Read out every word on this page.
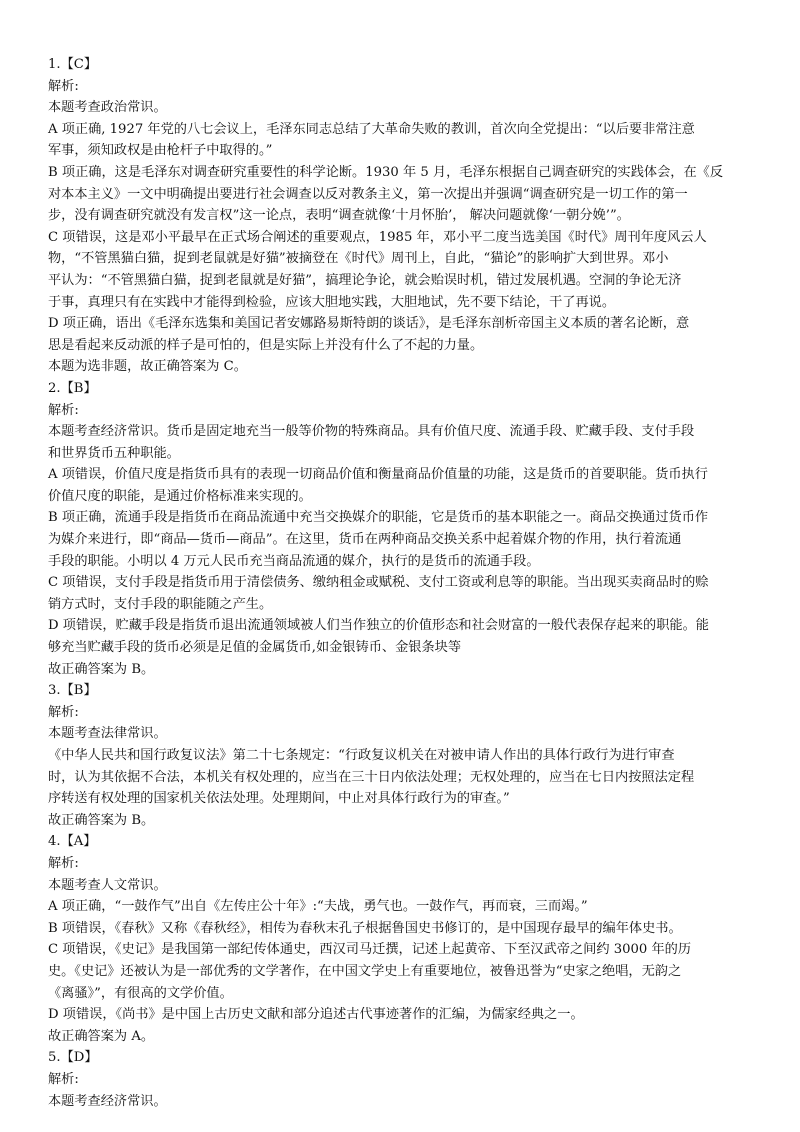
1.【C】
解析:
本题考查政治常识。
A 项正确, 1927 年党的八七会议上，毛泽东同志总结了大革命失败的教训，首次向全党提出：“以后要非常注意
军事，须知政权是由枪杆子中取得的。”
B 项正确，这是毛泽东对调查研究重要性的科学论断。1930 年 5 月，毛泽东根据自己调查研究的实践体会，在《反
对本本主义》一文中明确提出要进行社会调查以反对教条主义，第一次提出并强调“调查研究是一切工作的第一
步，没有调查研究就没有发言权”这一论点，表明“调查就像‘十月怀胎’， 解决问题就像‘一朝分娩’”。
C 项错误，这是邓小平最早在正式场合阐述的重要观点，1985 年，邓小平二度当选美国《时代》周刊年度风云人
物，“不管黑猫白猫，捉到老鼠就是好猫”被摘登在《时代》周刊上，自此，“猫论”的影响扩大到世界。邓小
平认为：“不管黑猫白猫，捉到老鼠就是好猫”，搞理论争论，就会贻误时机，错过发展机遇。空洞的争论无济
于事，真理只有在实践中才能得到检验，应该大胆地实践，大胆地试，先不要下结论，干了再说。
D 项正确，语出《毛泽东选集和美国记者安娜路易斯特朗的谈话》，是毛泽东剖析帝国主义本质的著名论断，意
思是看起来反动派的样子是可怕的，但是实际上并没有什么了不起的力量。
本题为选非题，故正确答案为 C。
2.【B】
解析:
本题考查经济常识。货币是固定地充当一般等价物的特殊商品。具有价值尺度、流通手段、贮藏手段、支付手段
和世界货币五种职能。
A 项错误，价值尺度是指货币具有的表现一切商品价值和衡量商品价值量的功能，这是货币的首要职能。货币执行
价值尺度的职能，是通过价格标准来实现的。
B 项正确，流通手段是指货币在商品流通中充当交换媒介的职能，它是货币的基本职能之一。商品交换通过货币作
为媒介来进行，即“商品—货币—商品”。在这里，货币在两种商品交换关系中起着媒介物的作用，执行着流通
手段的职能。小明以 4 万元人民币充当商品流通的媒介，执行的是货币的流通手段。
C 项错误，支付手段是指货币用于清偿债务、缴纳租金或赋税、支付工资或利息等的职能。当出现买卖商品时的赊
销方式时，支付手段的职能随之产生。
D 项错误，贮藏手段是指货币退出流通领域被人们当作独立的价值形态和社会财富的一般代表保存起来的职能。能
够充当贮藏手段的货币必须是足值的金属货币,如金银铸币、金银条块等
故正确答案为 B。
3.【B】
解析:
本题考查法律常识。
《中华人民共和国行政复议法》第二十七条规定：“行政复议机关在对被申请人作出的具体行政行为进行审查
时，认为其依据不合法，本机关有权处理的，应当在三十日内依法处理；无权处理的，应当在七日内按照法定程
序转送有权处理的国家机关依法处理。处理期间，中止对具体行政行为的审查。”
故正确答案为 B。
4.【A】
解析:
本题考查人文常识。
A 项正确，“一鼓作气”出自《左传庄公十年》:“夫战，勇气也。一鼓作气，再而衰，三而竭。”
B 项错误，《春秋》又称《春秋经》，相传为春秋末孔子根据鲁国史书修订的，是中国现存最早的编年体史书。
C 项错误，《史记》是我国第一部纪传体通史，西汉司马迁撰，记述上起黄帝、下至汉武帝之间约 3000 年的历
史。《史记》还被认为是一部优秀的文学著作，在中国文学史上有重要地位，被鲁迅誉为“史家之绝唱，无韵之
《离骚》”，有很高的文学价值。
D 项错误，《尚书》是中国上古历史文献和部分追述古代事迹著作的汇编，为儒家经典之一。
故正确答案为 A。
5.【D】
解析:
本题考查经济常识。
